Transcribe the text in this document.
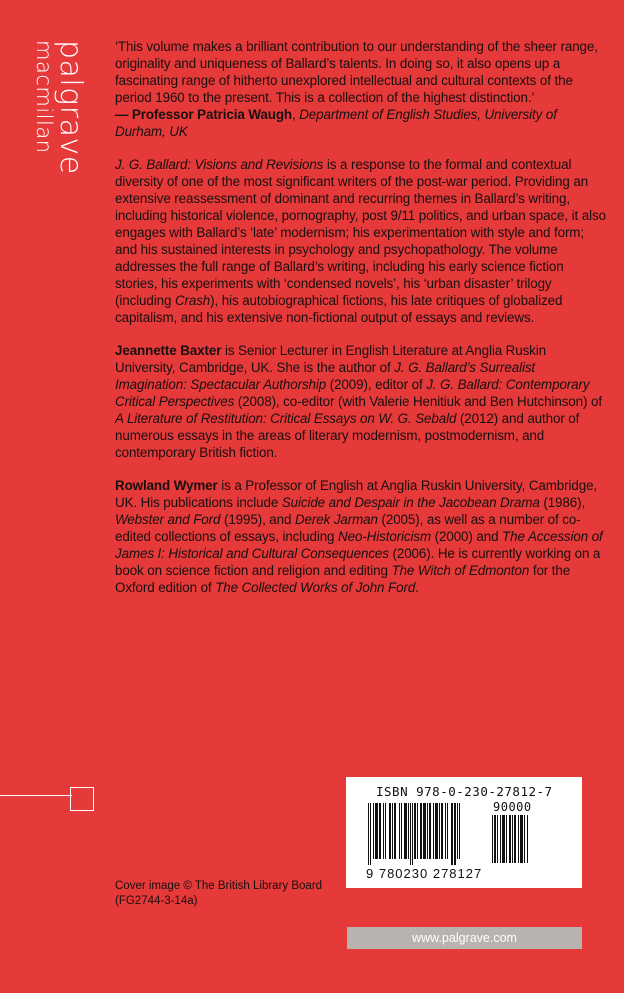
palgrave
macmillan	‘This volume makes a brilliant contribution to our understanding of the sheer range, originality and uniqueness of Ballard’s talents. In doing so, it also opens up a fascinating range of hitherto unexplored intellectual and cultural contexts of the period 1960 to the present. This is a collection of the highest distinction.’
— Professor Patricia Waugh, Department of English Studies, University of Durham, UK

J. G. Ballard: Visions and Revisions is a response to the formal and contextual diversity of one of the most significant writers of the post-war period. Providing an extensive reassessment of dominant and recurring themes in Ballard’s writing, including historical violence, pornography, post 9/11 politics, and urban space, it also engages with Ballard’s ‘late’ modernism; his experimentation with style and form; and his sustained interests in psychology and psychopathology. The volume addresses the full range of Ballard’s writing, including his early science fiction stories, his experiments with ‘condensed novels’, his ‘urban disaster’ trilogy (including Crash), his autobiographical fictions, his late critiques of globalized capitalism, and his extensive non-fictional output of essays and reviews.

Jeannette Baxter is Senior Lecturer in English Literature at Anglia Ruskin University, Cambridge, UK. She is the author of J. G. Ballard’s Surrealist Imagination: Spectacular Authorship (2009), editor of J. G. Ballard: Contemporary Critical Perspectives (2008), co-editor (with Valerie Henitiuk and Ben Hutchinson) of A Literature of Restitution: Critical Essays on W. G. Sebald (2012) and author of numerous essays in the areas of literary modernism, postmodernism, and contemporary British fiction.

Rowland Wymer is a Professor of English at Anglia Ruskin University, Cambridge, UK. His publications include Suicide and Despair in the Jacobean Drama (1986), Webster and Ford (1995), and Derek Jarman (2005), as well as a number of co-edited collections of essays, including Neo-Historicism (2000) and The Accession of James I: Historical and Cultural Consequences (2006). He is currently working on a book on science fiction and religion and editing The Witch of Edmonton for the Oxford edition of The Collected Works of John Ford.

ISBN 978-0-230-27812-7
90000
9 780230 278127
Cover image © The British Library Board
(FG2744-3-14a)
www.palgrave.com
